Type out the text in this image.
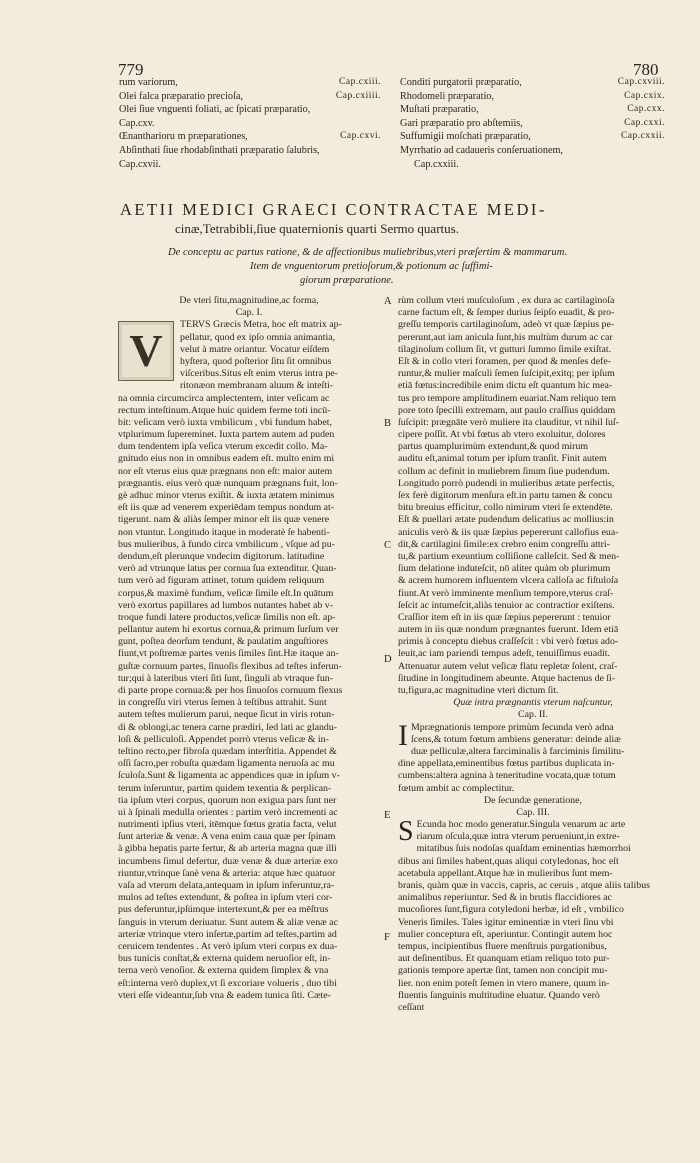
779	780
rum variorum,	Cap.cxiii.
Olei falca præparatio precioſa,	Cap.cxiiii.
Olei ſiue vnguenti foliati, ac ſpicati præparatio,
Cap.cxv.
Œnantharioru m præparationes,	Cap.cxvi.
Abſinthati ſiue rhodabſinthati præparatio ſalubris,
Cap.cxvii.
Conditi purgatorii præparatio,	Cap.cxviii.
Rhodomeli præparatio,	Cap.cxix.
Muſtati præparatio,	Cap.cxx.
Gari præparatio pro abſtemiis,	Cap.cxxi.
Suffumigii moſchati præparatio,	Cap.cxxii.
Myrrhatio ad cadaueris conſeruationem,
Cap.cxxiii.
AETII MEDICI GRAECI CONTRACTAE MEDI-
cinæ,Tetrabibli,ſiue quaternionis quarti Sermo quartus.
De conceptu ac partus ratione, & de affectionibus muliebribus,vteri præſertim & mammarum.
Item de vnguentorum pretioſorum,& potionum ac ſuffimi-
giorum præparatione.
De vteri ſitu,magnitudine,ac forma,
Cap. I.
V
TERVS Græcis Metra, hoc eſt matrix ap-
pellatur, quod ex ipſo omnia animantia,
velut à matre oriantur. Vocatur eiſdem
hyſtera, quod poſterior ſitu ſit omnibus
viſceribus.Situs eſt enim vterus intra pe-
ritonæon membranam aluum & inteſti-
na omnia circumcirca amplectentem, inter veſicam ac
rectum inteſtinum.Atque huic quidem ferme toti incū-
bit: veſicam verò iuxta vmbilicum , vbi fundum habet,
vtplurimum ſupereminet. Iuxta partem autem ad puden
dum tendentem ipſa veſica vterum excedit collo. Ma-
gnitudo eius non in omnibus eadem eſt. multo enim mi
nor eſt vterus eius quæ prægnans non eſt: maior autem
prægnantis. eius verò quæ nunquam prægnans fuit, lon-
gè adhuc minor vterus exiſtit. & iuxta ætatem minimus
eſt iis quæ ad venerem experiēdam tempus nondum at-
tigerunt. nam & aliàs ſemper minor eſt iis quæ venere
non vtuntur. Longitudo itaque in moderatè ſe habenti-
bus mulieribus, à fundo circa vmbilicum , vſque ad pu-
dendum,eſt plerunque vndecim digitorum. latitudine
verò ad vtrunque latus per cornua ſua extenditur. Quan-
tum verò ad figuram attinet, totum quidem reliquum
corpus,& maximè fundum, veſicæ ſimile eſt.In quātum
verò exortus papillares ad lumbos nutantes habet ab v-
troque fundi latere productos,veſicæ ſimilis non eſt. ap-
pellantur autem hi exortus cornua,& primum ſurſum ver
gunt, poſtea deorſum tendunt, & paulatim anguſtiores
fiunt,vt poſtremæ partes venis ſimiles ſint.Hæ itaque an-
guſtæ cornuum partes, ſinuoſis flexibus ad teſtes inferun-
tur;qui à lateribus vteri ſiti ſunt, ſinguli ab vtraque fun-
di parte prope cornua:& per hos ſinuoſos cornuum flexus
in congreſſu viri vterus ſemen à teſtibus attrahit. Sunt
autem teſtes mulierum parui, neque ſicut in viris rotun-
di & oblongi,ac tenera carne prædiri, ſed lati ac glandu-
loſi & pelliculoſi. Appendet porrò vterus veſicæ & in-
teſtino recto,per fibroſa quædam interſtitia. Appendet &
oſſi ſacro,per robuſta quædam ligamenta neruoſa ac mu
ſculoſa.Sunt & ligamenta ac appendices quæ in ipſum v-
terum inſeruntur, partim quidem texentia & perplican-
tia ipſum vteri corpus, quorum non exigua pars ſunt ner
ui à ſpinali medulla orientes : partim verò incrementi ac
nutrimenti ipſius vteri, itēmque fœtus gratia facta, velut
ſunt arteriæ & venæ. A vena enim caua quæ per ſpinam
à gibba hepatis parte fertur, & ab arteria magna quæ illi
incumbens ſimul defertur, duæ venæ & duæ arteriæ exo
riuntur,vtrinque ſanè vena & arteria: atque hæc quatuor
vaſa ad vterum delata,antequam in ipſum inferuntur,ra-
mulos ad teſtes extendunt, & poſtea in ipſum vteri cor-
pus deferuntur,ipſúmque intertexunt,& per ea mēſtrus
ſanguis in vterum deriuatur. Sunt autem & aliæ venæ ac
arteriæ vtrinque vtero inſertæ,partim ad teſtes,partim ad
ceruicem tendentes . At verò ipſum vteri corpus ex dua-
bus tunicis conſtat,& externa quidem neruoſior eſt, in-
terna verò venoſior. & externa quidem ſimplex & vna
eſt:interna verò duplex,vt ſi excoriare volueris , duo tibi
vteri eſſe videantur,ſub vna & eadem tunica ſiti. Cæte-
rùm collum vteri muſculoſum , ex dura ac cartilaginoſa
carne factum eſt, & ſemper durius ſeipſo euadit, & pro-
greſſu temporis cartilaginoſum, adeò vt quæ ſæpius pe-
pererunt,aut iam anicula ſunt,his multùm durum ac car
tilaginoſum collum ſit, vt gutturi ſummo ſimile exiſtat.
Eſt & in collo vteri foramen, per quod & menſes defe-
runtur,& mulier maſculi ſemen ſuſcipit,exitq; per ipſum
etiā fœtus:incredibile enim dictu eſt quantum hic mea-
tus pro tempore amplitudinem euariat.Nam reliquo tem
pore toto ſpecilli extremam, aut paulo craſſius quiddam
ſuſcipit: prægnāte verò muliere ita clauditur, vt nihil ſuſ-
cipere poſſit. At vbi fœtus ab vtero exoluitur, dolores
partus quamplurimùm extendunt,& quod mirum
auditu eſt,animal totum per ipſum tranſit. Finit autem
collum ac definit in muliebrem ſinum ſiue pudendum.
Longitudo porrò pudendi in mulieribus ætate perfectis,
ſex ferè digitorum menſura eſt.in partu tamen & concu
bitu breuius efficitur, collo nimirum vteri ſe extendēte.
Eſt & puellari ætate pudendum delicatius ac mollius:in
aniculis verò & iis quæ ſæpius pepererunt callofius eua-
dit,& cartilagini ſimile:ex crebro enim congreſſu attri-
tu,& partium exeuntium colliſione calleſcit. Sed & men-
ſium delatione induteſcit, nō aliter quàm ob plurimum
& acrem humorem influentem vlcera calloſa ac fiſtuloſa
fiunt.At verò imminente menſium tempore,vterus craſ-
ſeſcit ac intumeſcit,aliàs tenuior ac contractior exiſtens.
Craſſior item eſt in iis quæ ſæpius pepererunt : tenuior
autem in iis quæ nondum prægnantes fuerunt. Idem etiā
primis à conceptu diebus craſſeſcit : vbi verò fœtus ado-
leuit,ac iam pariendi tempus adeſt, tenuiſſimus euadit.
Attenuatur autem velut veſicæ flatu repletæ ſolent, craſ-
ſitudine in longitudinem abeunte. Atque hactenus de ſi-
tu,figura,ac magnitudine vteri dictum ſit.
Quæ intra prægnantis vterum naſcuntur,
Cap. II.
I Mprægnationis tempore primùm ſecunda verò adna
ſcens,& totum fœtum ambiens generatur: deinde aliæ
duæ pelliculæ,altera farciminalis à farciminis ſimilitu-
dine appellata,eminentibus fœtus partibus duplicata in-
cumbens:altera agnina à teneritudine vocata,quæ totum
fœtum ambit ac complectitur.
De ſecundæ generatione,
Cap. III.
S Ecunda hoc modo generatur.Singula venarum ac arte
riarum oſcula,quæ intra vterum perueniunt,in extre-
mitatibus ſuis nodoſas quaſdam eminentias hæmorrhoi
dibus ani ſimiles habent,quas aliqui cotyledonas, hoc eſt
acetabula appellant.Atque hæ in mulieribus ſunt mem-
branis, quàm quæ in vaccis, capris, ac ceruis , atque aliis talibus
animalibus reperiuntur. Sed & in brutis flaccidiores ac
mucoſiores ſunt,figura cotyledoni herbæ, id eſt , vmbilico
Veneris ſimiles. Tales igitur eminentiæ in vteri ſinu vbi
mulier conceptura eſt, aperiuntur. Contingit autem hoc
tempus, incipientibus fluere menſtruis purgationibus,
aut deſinentibus. Et quanquam etiam reliquo toto pur-
gationis tempore apertæ ſint, tamen non concipit mu-
lier. non enim poteſt ſemen in vtero manere, quum in-
fluentis ſanguinis multitudine eluatur. Quando verò
ceſſant
A
B
C
D
E
F
